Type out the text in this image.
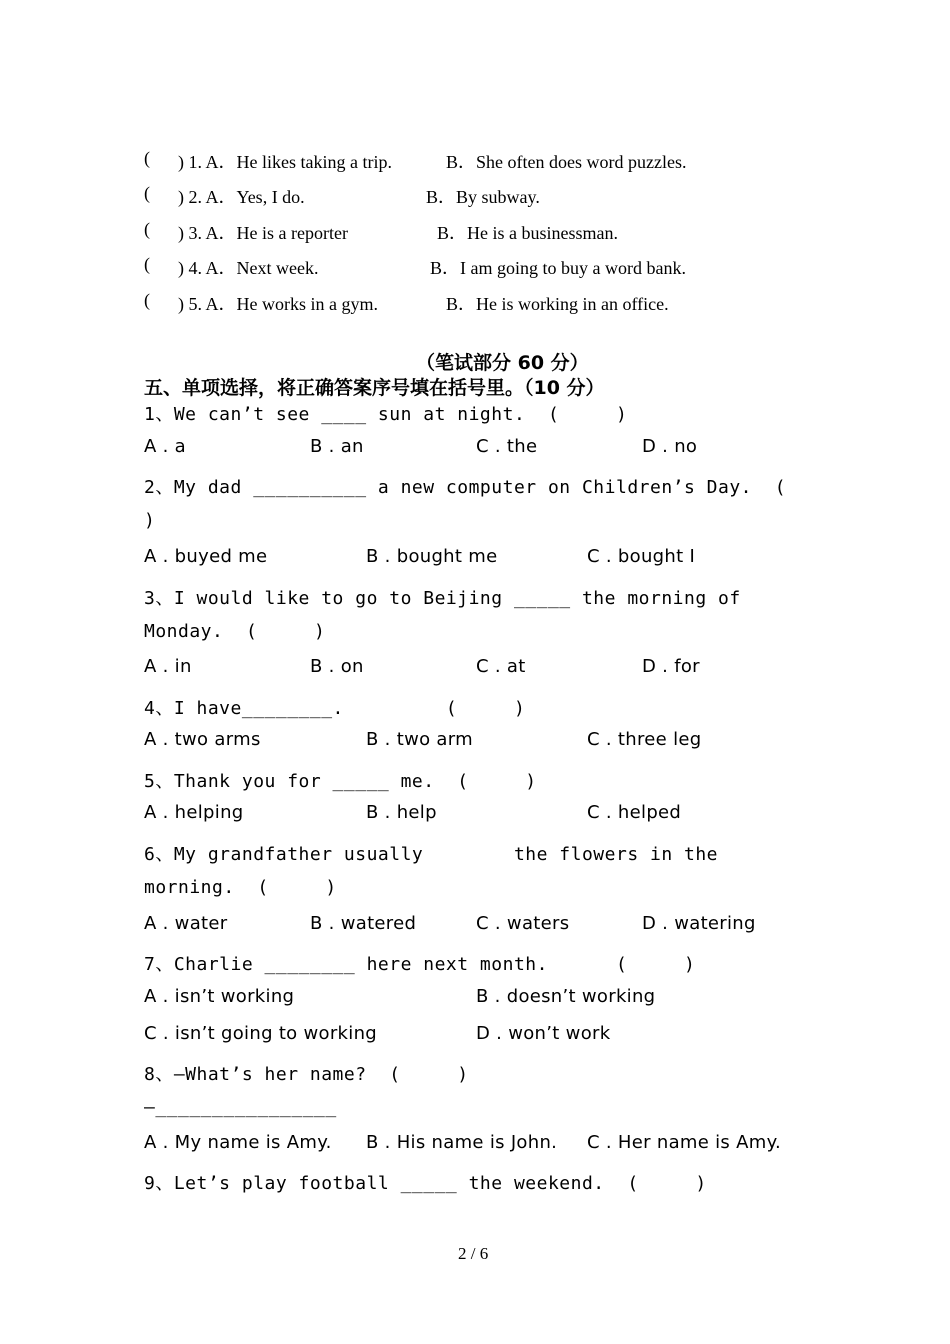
( ) 1. A．He likes taking a trip.	B．She often does word puzzles.
( ) 2. A．Yes, I do.	B．By subway.
( ) 3. A．He is a reporter	B．He is a businessman.
( ) 4. A．Next week.	B．I am going to buy a word bank.
( ) 5. A．He works in a gym.	B．He is working in an office.
（笔试部分 60 分）
五、单项选择，将正确答案序号填在括号里。（10 分）
1、We can’t see ____ sun at night.  (     )
A . a	B . an	C . the	D . no
2、My dad __________ a new computer on Children’s Day.  (
)
A . buyed me	B . bought me	C . bought I
3、I would like to go to Beijing _____ the morning of
Monday.  (     )
A . in	B . on	C . at	D . for
4、I have________.         (     )
A . two arms	B . two arm	C . three leg
5、Thank you for _____ me.  (     )
A . helping	B . help	C . helped
6、My grandfather usually        the flowers in the
morning.  (     )
A . water	B . watered	C . waters	D . watering
7、Charlie ________ here next month.      (     )
A . isn’t working	B . doesn’t working
C . isn’t going to working	D . won’t work
8、—What’s her name?  (     )
—________________
A . My name is Amy. B . His name is John. C . Her name is Amy.
9、Let’s play football _____ the weekend.  (     )
2 / 6
